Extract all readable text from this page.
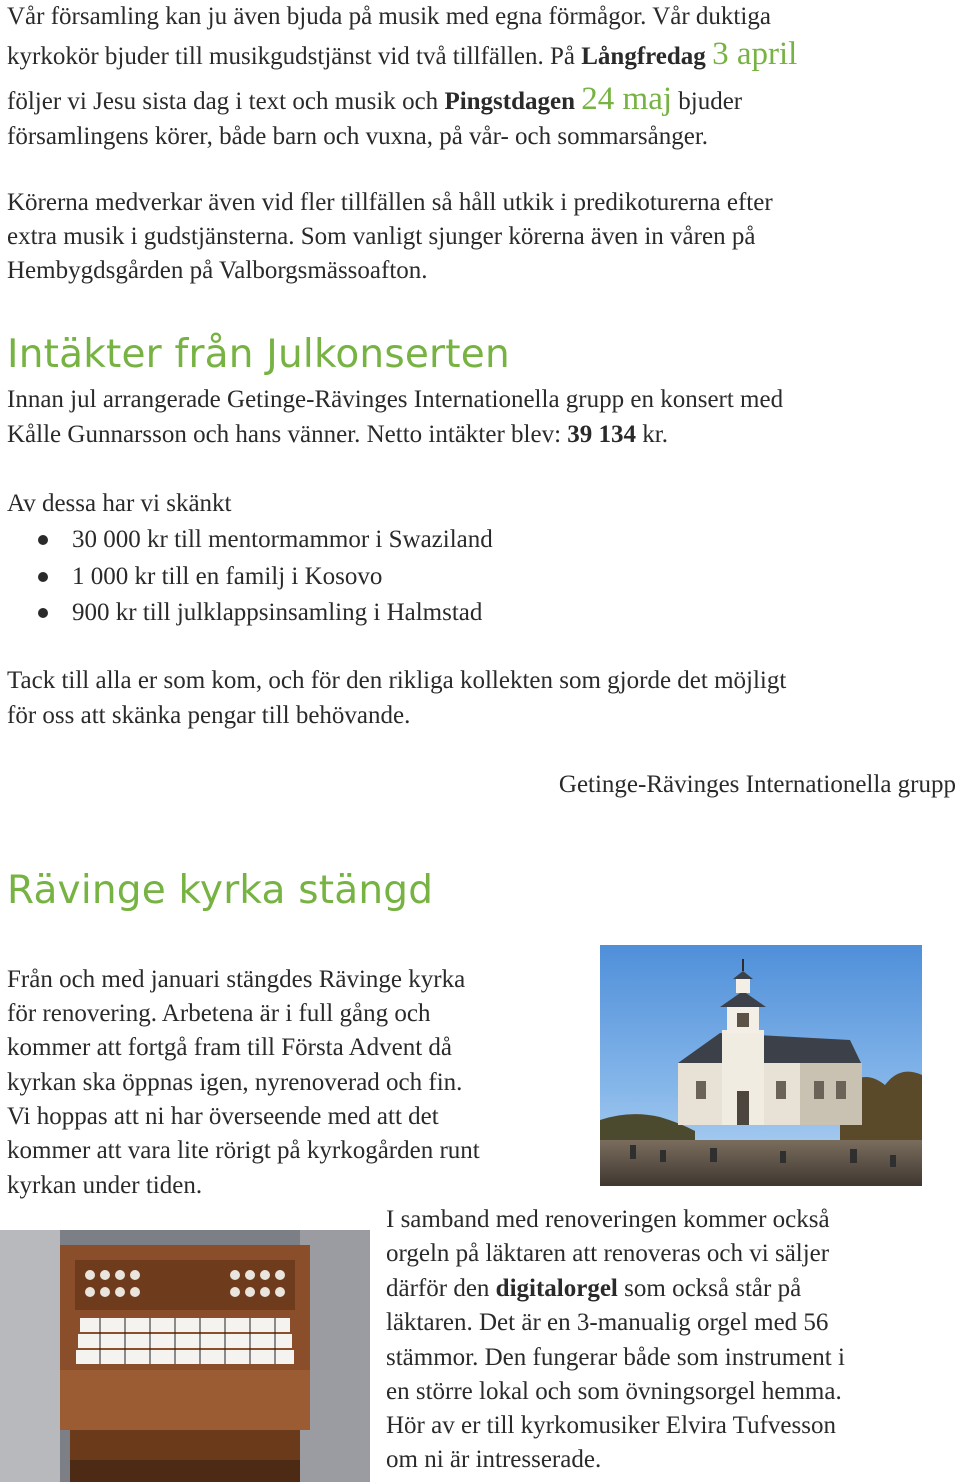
Vår församling kan ju även bjuda på musik med egna förmågor. Vår duktiga

kyrkokör bjuder till musikgudstjänst vid två tillfällen. På Långfredag 3 april

följer vi Jesu sista dag i text och musik och Pingstdagen 24 maj bjuder

församlingens körer, både barn och vuxna, på vår- och sommarsånger.

Körerna medverkar även vid fler tillfällen så håll utkik i predikoturerna efter

extra musik i gudstjänsterna. Som vanligt sjunger körerna även in våren på

Hembygdsgården på Valborgsmässoafton.

Intäkter från Julkonserten

Innan jul arrangerade Getinge-Rävinges Internationella grupp en konsert med

Kålle Gunnarsson och hans vänner. Netto intäkter blev: 39 134 kr.

Av dessa har vi skänkt

30 000 kr till mentormammor i Swaziland
1 000 kr till en familj i Kosovo
900 kr till julklappsinsamling i Halmstad

Tack till alla er som kom, och för den rikliga kollekten som gjorde det möjligt

för oss att skänka pengar till behövande.

Getinge-Rävinges Internationella grupp

Rävinge kyrka stängd

Från och med januari stängdes Rävinge kyrka

för renovering. Arbetena är i full gång och

kommer att fortgå fram till Första Advent då

kyrkan ska öppnas igen, nyrenoverad och fin.

Vi hoppas att ni har överseende med att det

kommer att vara lite rörigt på kyrkogården runt

kyrkan under tiden.

I samband med renoveringen kommer också

orgeln på läktaren att renoveras och vi säljer

därför den digitalorgel som också står på

läktaren. Det är en 3-manualig orgel med 56

stämmor. Den fungerar både som instrument i

en större lokal och som övningsorgel hemma.

Hör av er till kyrkomusiker Elvira Tufvesson

om ni är intresserade.
